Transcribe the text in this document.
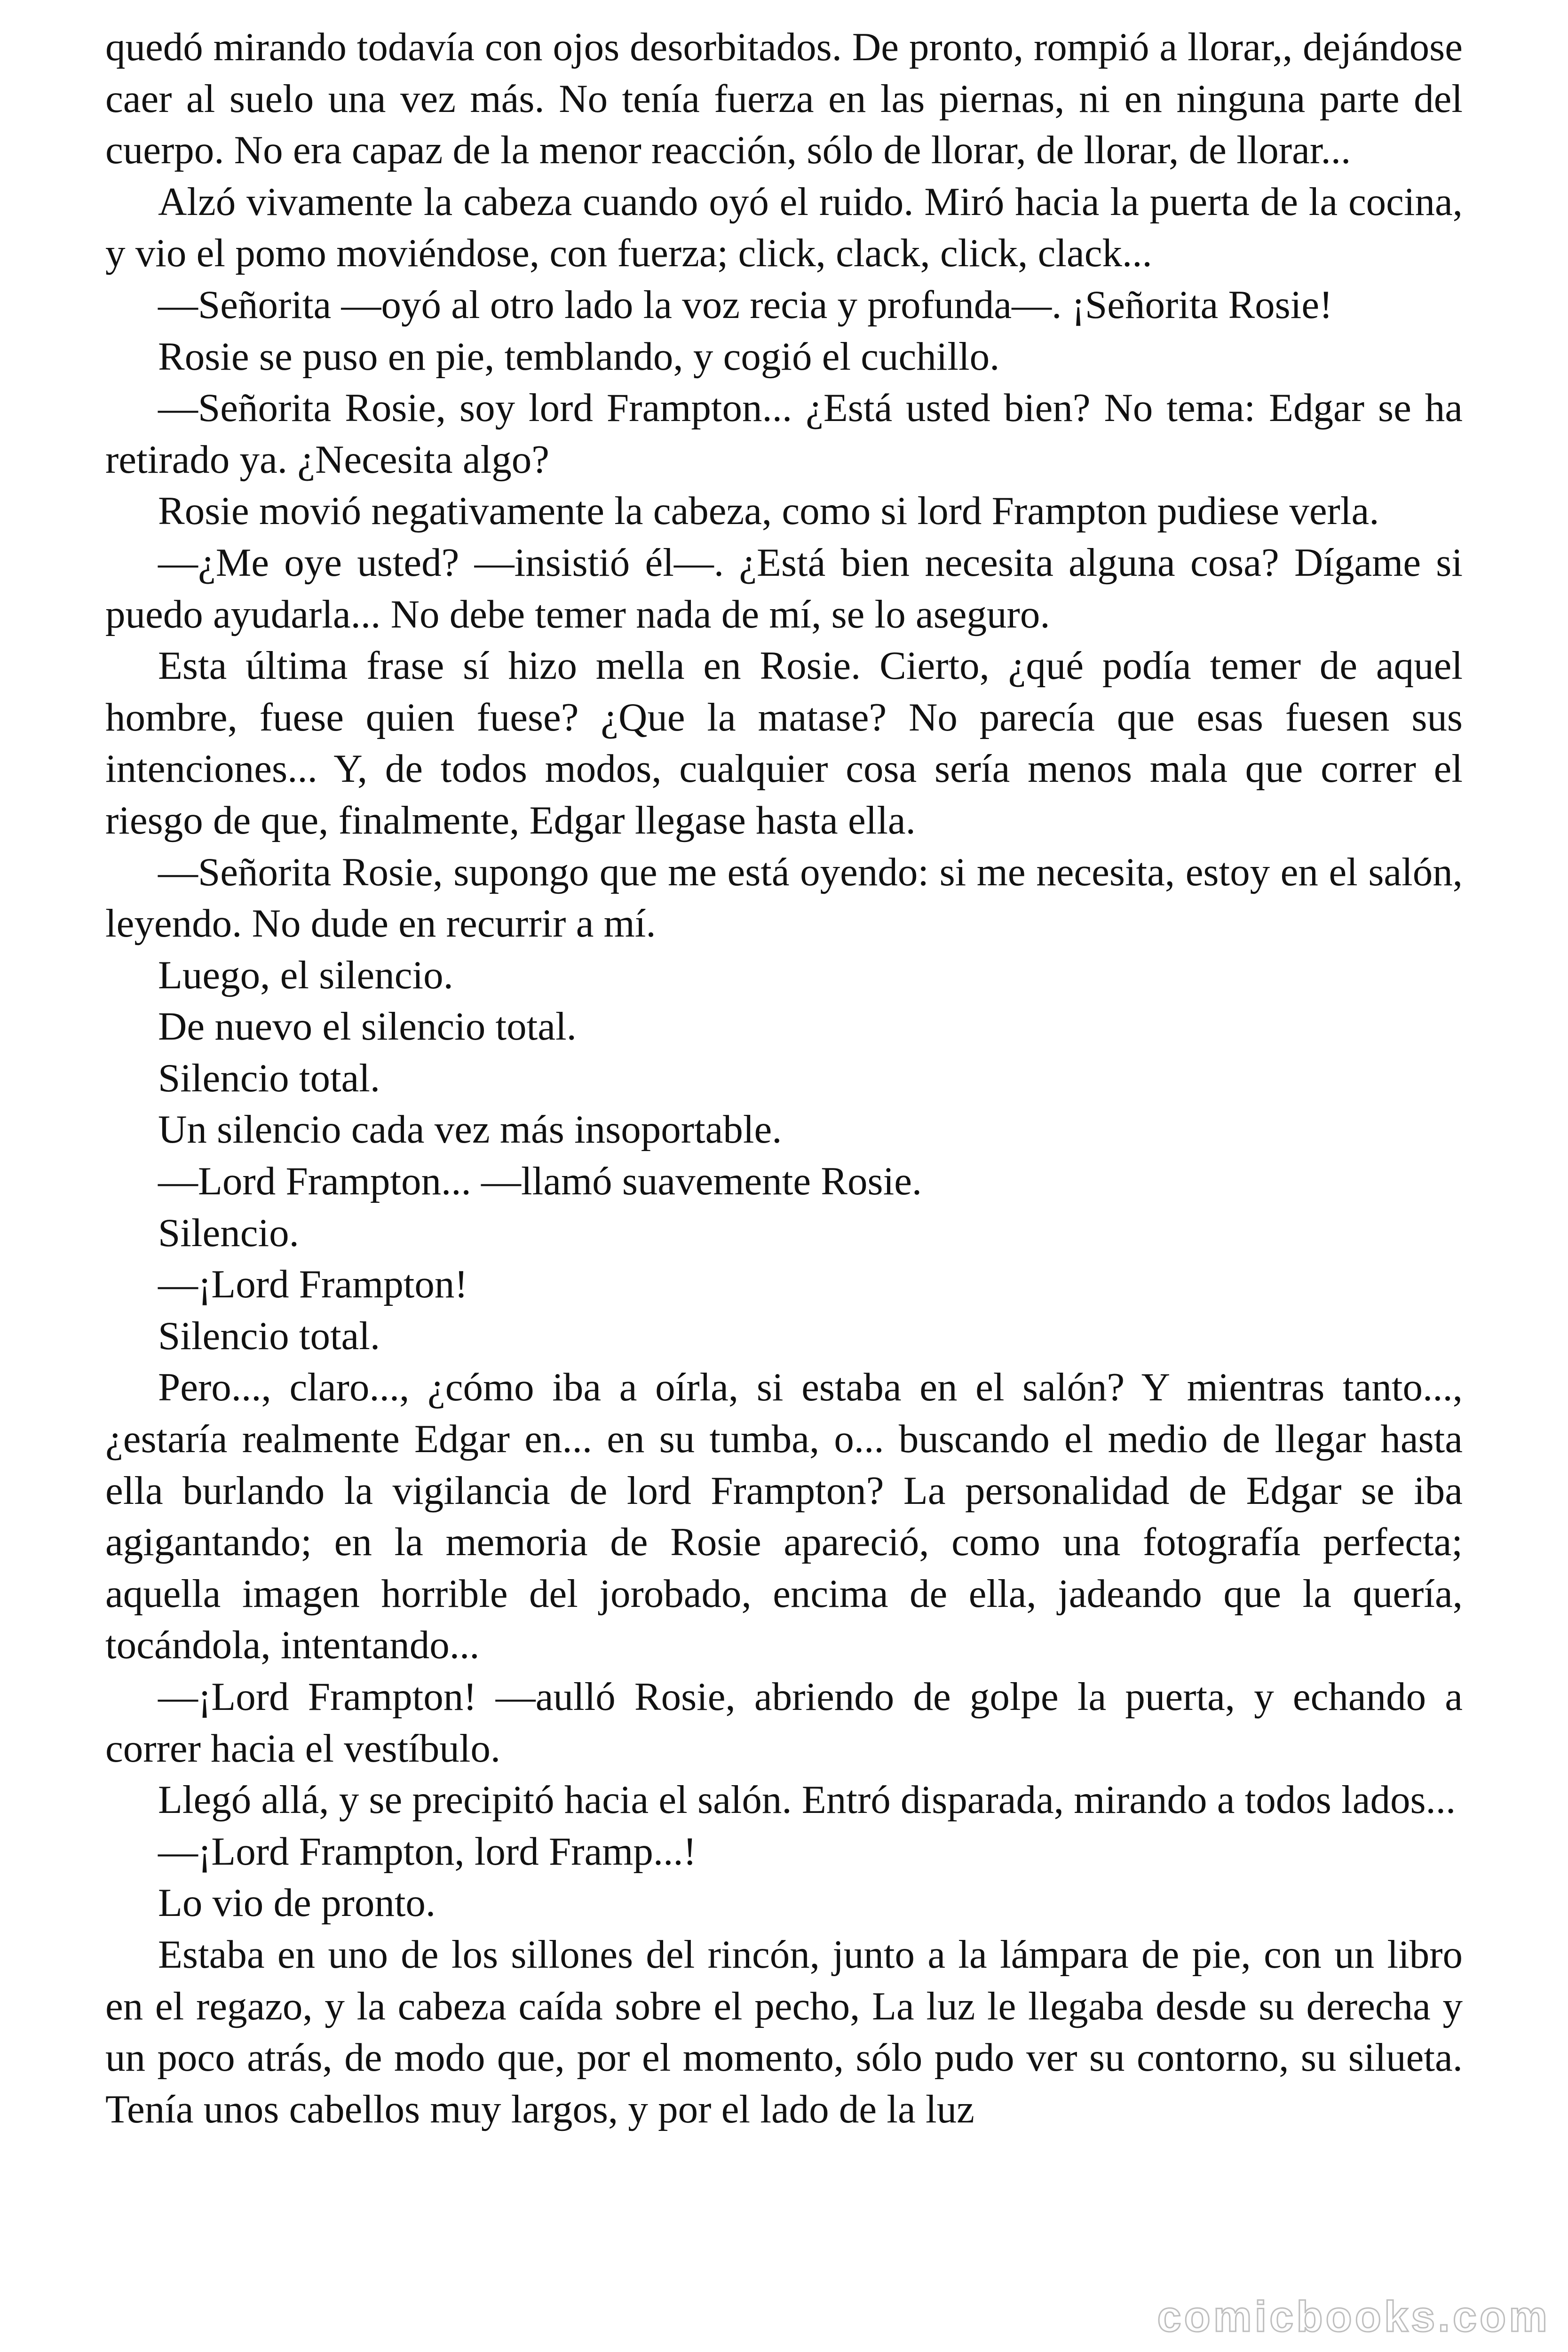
quedó mirando todavía con ojos desorbitados. De pronto, rompió a llorar,, dejándose caer al suelo una vez más. No tenía fuerza en las piernas, ni en ninguna parte del cuerpo. No era capaz de la menor reacción, sólo de llorar, de llorar, de llorar...

Alzó vivamente la cabeza cuando oyó el ruido. Miró hacia la puerta de la cocina, y vio el pomo moviéndose, con fuerza; click, clack, click, clack...

—Señorita —oyó al otro lado la voz recia y profunda—. ¡Señorita Rosie!

Rosie se puso en pie, temblando, y cogió el cuchillo.

—Señorita Rosie, soy lord Frampton... ¿Está usted bien? No tema: Edgar se ha retirado ya. ¿Necesita algo?

Rosie movió negativamente la cabeza, como si lord Frampton pudiese verla.

—¿Me oye usted? —insistió él—. ¿Está bien necesita alguna cosa? Dígame si puedo ayudarla... No debe temer nada de mí, se lo aseguro.

Esta última frase sí hizo mella en Rosie. Cierto, ¿qué podía temer de aquel hombre, fuese quien fuese? ¿Que la matase? No parecía que esas fuesen sus intenciones... Y, de todos modos, cualquier cosa sería menos mala que correr el riesgo de que, finalmente, Edgar llegase hasta ella.

—Señorita Rosie, supongo que me está oyendo: si me necesita, estoy en el salón, leyendo. No dude en recurrir a mí.

Luego, el silencio.

De nuevo el silencio total.

Silencio total.

Un silencio cada vez más insoportable.

—Lord Frampton... —llamó suavemente Rosie.

Silencio.

—¡Lord Frampton!

Silencio total.

Pero..., claro..., ¿cómo iba a oírla, si estaba en el salón? Y mientras tanto..., ¿estaría realmente Edgar en... en su tumba, o... buscando el medio de llegar hasta ella burlando la vigilancia de lord Frampton? La personalidad de Edgar se iba agigantando; en la memoria de Rosie apareció, como una fotografía perfecta; aquella imagen horrible del jorobado, encima de ella, jadeando que la quería, tocándola, intentando...

—¡Lord Frampton! —aulló Rosie, abriendo de golpe la puerta, y echando a correr hacia el vestíbulo.

Llegó allá, y se precipitó hacia el salón. Entró disparada, mirando a todos lados...

—¡Lord Frampton, lord Framp...!

Lo vio de pronto.

Estaba en uno de los sillones del rincón, junto a la lámpara de pie, con un libro en el regazo, y la cabeza caída sobre el pecho, La luz le llegaba desde su derecha y un poco atrás, de modo que, por el momento, sólo pudo ver su contorno, su silueta. Tenía unos cabellos muy largos, y por el lado de la luz

comicbooks.com
